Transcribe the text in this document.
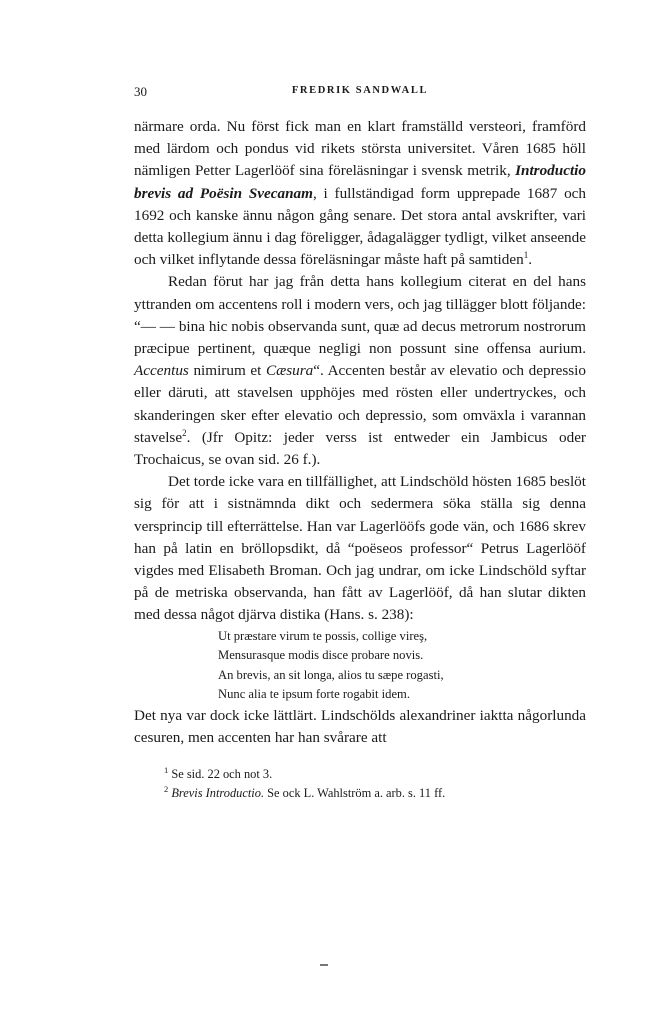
30	FREDRIK SANDWALL

närmare orda. Nu först fick man en klart framställd versteori, framförd med lärdom och pondus vid rikets största universitet. Våren 1685 höll nämligen Petter Lagerlööf sina föreläsningar i svensk metrik, Introductio brevis ad Poësin Svecanam, i fullständigad form upprepade 1687 och 1692 och kanske ännu någon gång senare. Det stora antal avskrifter, vari detta kollegium ännu i dag föreligger, ådagalägger tydligt, vilket anseende och vilket inflytande dessa föreläsningar måste haft på samtiden$^1$.

Redan förut har jag från detta hans kollegium citerat en del hans yttranden om accentens roll i modern vers, och jag tillägger blott följande: “— — bina hic nobis observanda sunt, quæ ad decus metrorum nostrorum præcipue pertinent, quæque negligi non possunt sine offensa aurium. Accentus nimirum et Cæsura“. Accenten består av elevatio och depressio eller däruti, att stavelsen upphöjes med rösten eller undertryckes, och skanderingen sker efter elevatio och depressio, som omväxla i varannan stavelse$^2$. (Jfr Opitz: jeder verss ist entweder ein Jambicus oder Trochaicus, se ovan sid. 26 f.).

Det torde icke vara en tillfällighet, att Lindschöld hösten 1685 beslöt sig för att i sistnämnda dikt och sedermera söka ställa sig denna versprincip till efterrättelse. Han var Lagerlööfs gode vän, och 1686 skrev han på latin en bröllopsdikt, då “poëseos professor“ Petrus Lagerlööf vigdes med Elisabeth Broman. Och jag undrar, om icke Lindschöld syftar på de metriska observanda, han fått av Lagerlööf, då han slutar dikten med dessa något djärva distika (Hans. s. 238):

Ut præstare virum te possis, collige vireş,
Mensurasque modis disce probare novis.
An brevis, an sit longa, alios tu sæpe rogasti,
Nunc alia te ipsum forte rogabit idem.

Det nya var dock icke lättlärt. Lindschölds alexandriner iaktta någorlunda cesuren, men accenten har han svårare att

$^1$ Se sid. 22 och not 3.
$^2$ Brevis Introductio. Se ock L. Wahlström a. arb. s. 11 ff.
